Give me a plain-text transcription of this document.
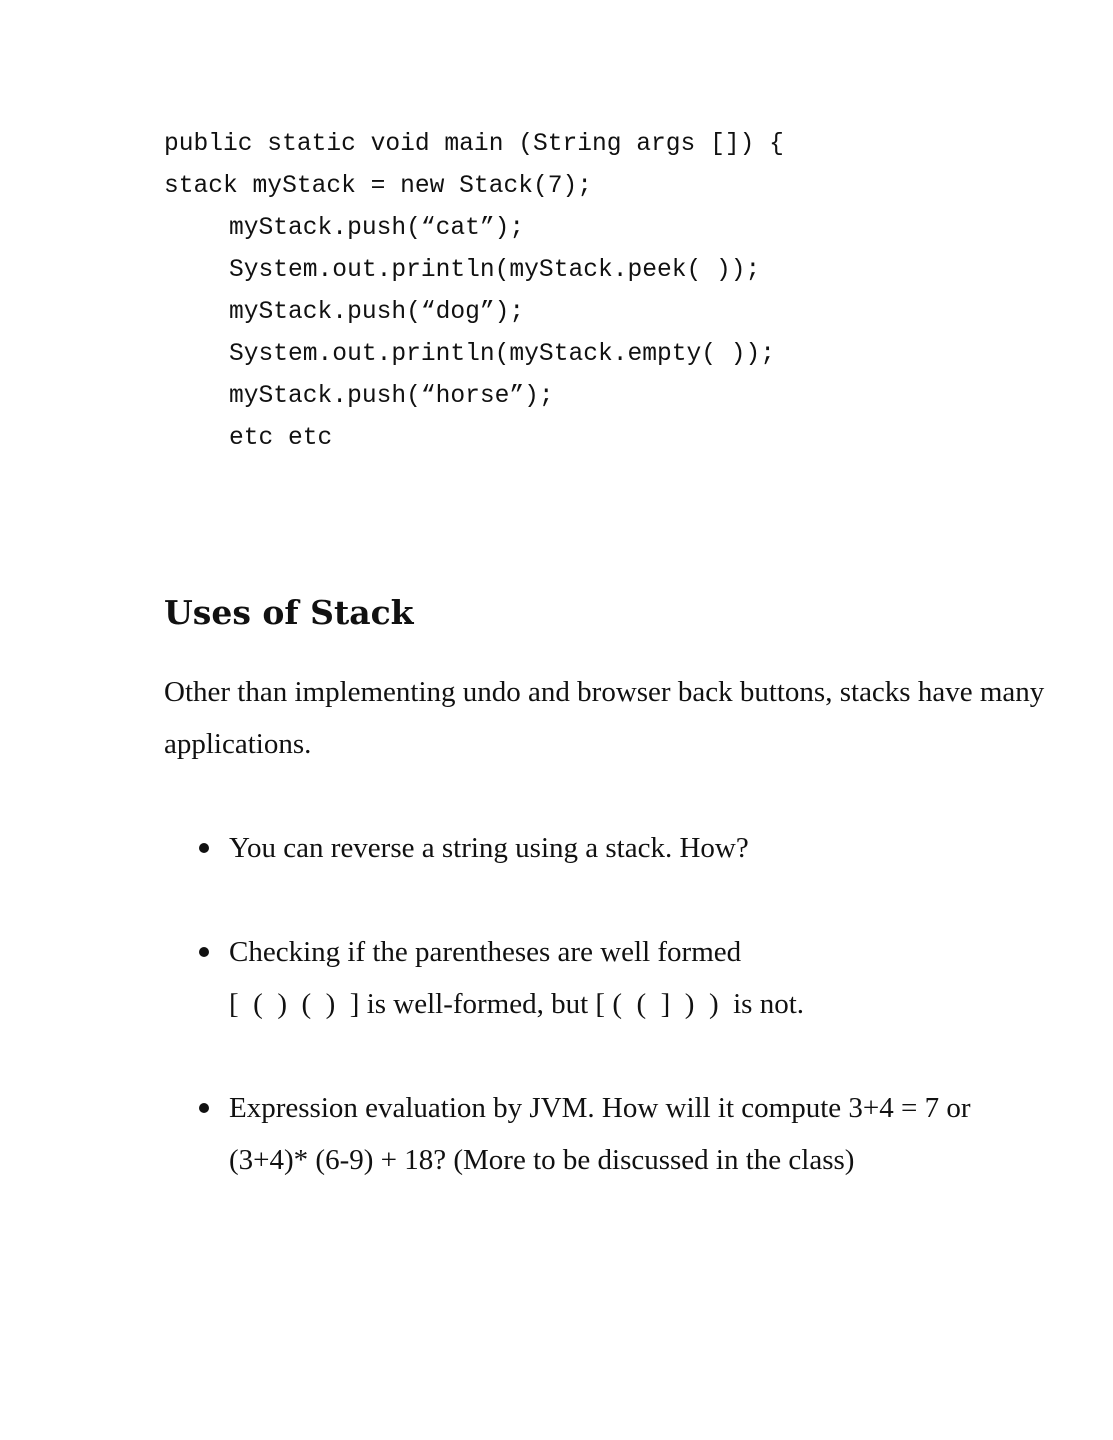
public static void main (String args []) {
stack myStack = new Stack(7);
myStack.push(“cat”);
System.out.println(myStack.peek( ));
myStack.push(“dog”);
System.out.println(myStack.empty( ));
myStack.push(“horse”);
etc etc
Uses of Stack
Other than implementing undo and browser back buttons, stacks have many applications.
You can reverse a string using a stack. How?
Checking if the parentheses are well formed
[  (  )  (  )  ] is well-formed, but [ (  (  ]  )  )  is not.
Expression evaluation by JVM. How will it compute 3+4 = 7 or (3+4)* (6-9) + 18? (More to be discussed in the class)
